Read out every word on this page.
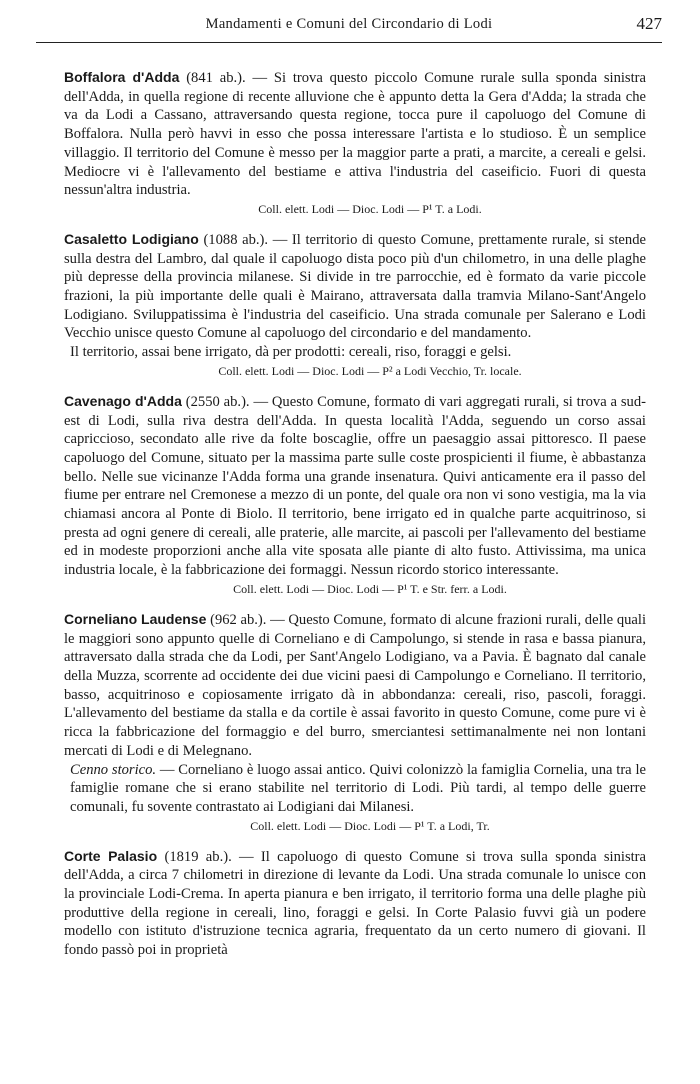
Mandamenti e Comuni del Circondario di Lodi	427

Boffalora d'Adda (841 ab.). — Si trova questo piccolo Comune rurale sulla sponda sinistra dell'Adda, in quella regione di recente alluvione che è appunto detta la Gera d'Adda; la strada che va da Lodi a Cassano, attraversando questa regione, tocca pure il capoluogo del Comune di Boffalora. Nulla però havvi in esso che possa interessare l'artista e lo studioso. È un semplice villaggio. Il territorio del Comune è messo per la maggior parte a prati, a marcite, a cereali e gelsi. Mediocre vi è l'allevamento del bestiame e attiva l'industria del caseificio. Fuori di questa nessun'altra industria.

Coll. elett. Lodi — Dioc. Lodi — P¹ T. a Lodi.

Casaletto Lodigiano (1088 ab.). — Il territorio di questo Comune, prettamente rurale, si stende sulla destra del Lambro, dal quale il capoluogo dista poco più d'un chilometro, in una delle plaghe più depresse della provincia milanese. Si divide in tre parrocchie, ed è formato da varie piccole frazioni, la più importante delle quali è Mairano, attraversata dalla tramvia Milano-Sant'Angelo Lodigiano. Sviluppatissima è l'industria del caseificio. Una strada comunale per Salerano e Lodi Vecchio unisce questo Comune al capoluogo del circondario e del mandamento.

Il territorio, assai bene irrigato, dà per prodotti: cereali, riso, foraggi e gelsi.

Coll. elett. Lodi — Dioc. Lodi — P² a Lodi Vecchio, Tr. locale.

Cavenago d'Adda (2550 ab.). — Questo Comune, formato di vari aggregati rurali, si trova a sud-est di Lodi, sulla riva destra dell'Adda. In questa località l'Adda, seguendo un corso assai capriccioso, secondato alle rive da folte boscaglie, offre un paesaggio assai pittoresco. Il paese capoluogo del Comune, situato per la massima parte sulle coste prospicienti il fiume, è abbastanza bello. Nelle sue vicinanze l'Adda forma una grande insenatura. Quivi anticamente era il passo del fiume per entrare nel Cremonese a mezzo di un ponte, del quale ora non vi sono vestigia, ma la via chiamasi ancora al Ponte di Biolo. Il territorio, bene irrigato ed in qualche parte acquitrinoso, si presta ad ogni genere di cereali, alle praterie, alle marcite, ai pascoli per l'allevamento del bestiame ed in modeste proporzioni anche alla vite sposata alle piante di alto fusto. Attivissima, ma unica industria locale, è la fabbricazione dei formaggi. Nessun ricordo storico interessante.

Coll. elett. Lodi — Dioc. Lodi — P¹ T. e Str. ferr. a Lodi.

Corneliano Laudense (962 ab.). — Questo Comune, formato di alcune frazioni rurali, delle quali le maggiori sono appunto quelle di Corneliano e di Campolungo, si stende in rasa e bassa pianura, attraversato dalla strada che da Lodi, per Sant'Angelo Lodigiano, va a Pavia. È bagnato dal canale della Muzza, scorrente ad occidente dei due vicini paesi di Campolungo e Corneliano. Il territorio, basso, acquitrinoso e copiosamente irrigato dà in abbondanza: cereali, riso, pascoli, foraggi. L'allevamento del bestiame da stalla e da cortile è assai favorito in questo Comune, come pure vi è ricca la fabbricazione del formaggio e del burro, smerciantesi settimanalmente nei non lontani mercati di Lodi e di Melegnano.

Cenno storico. — Corneliano è luogo assai antico. Quivi colonizzò la famiglia Cornelia, una tra le famiglie romane che si erano stabilite nel territorio di Lodi. Più tardi, al tempo delle guerre comunali, fu sovente contrastato ai Lodigiani dai Milanesi.

Coll. elett. Lodi — Dioc. Lodi — P¹ T. a Lodi, Tr.

Corte Palasio (1819 ab.). — Il capoluogo di questo Comune si trova sulla sponda sinistra dell'Adda, a circa 7 chilometri in direzione di levante da Lodi. Una strada comunale lo unisce con la provinciale Lodi-Crema. In aperta pianura e ben irrigato, il territorio forma una delle plaghe più produttive della regione in cereali, lino, foraggi e gelsi. In Corte Palasio fuvvi già un podere modello con istituto d'istruzione tecnica agraria, frequentato da un certo numero di giovani. Il fondo passò poi in proprietà
